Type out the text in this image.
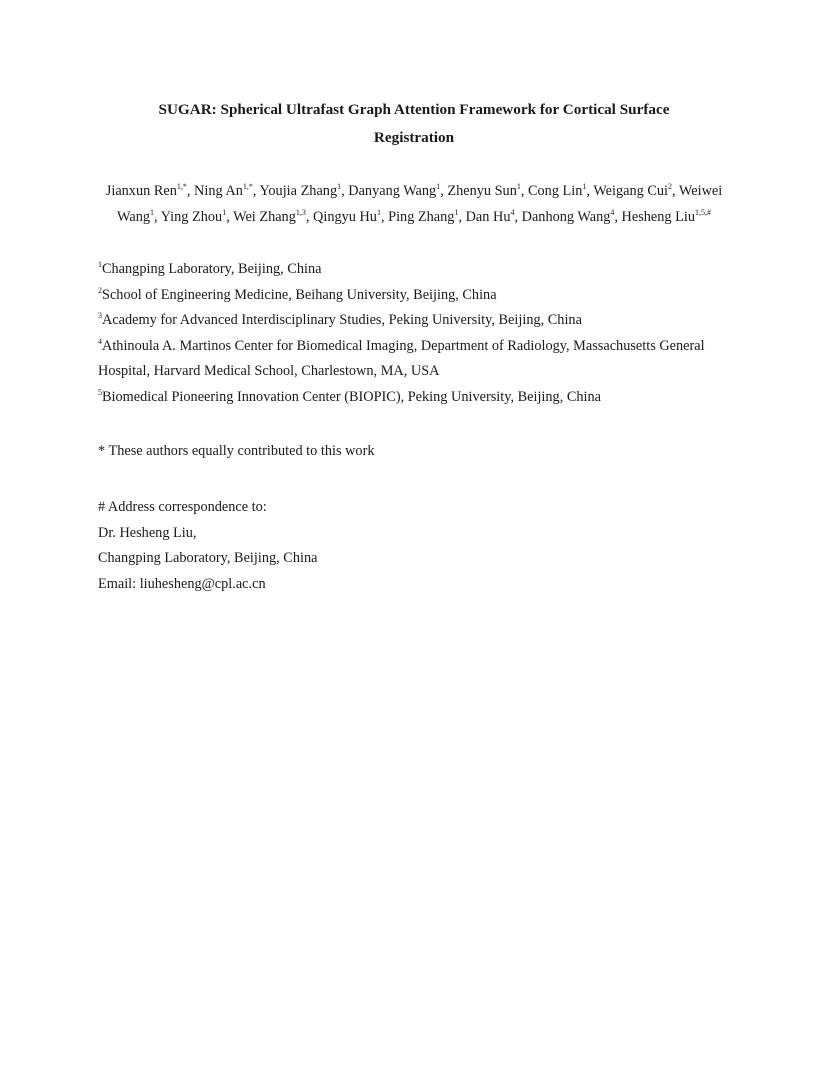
SUGAR: Spherical Ultrafast Graph Attention Framework for Cortical Surface
Registration

Jianxun Ren$^{1,*}$, Ning $An^{1,*}$, Youjia Zhang$^1$, Danyang Wang$^1$, Zhenyu Sun$^1$, Cong Lin$^1$, Weigang Cui$^2$, Weiwei Wang$^1$, Ying Zhou$^1$, Wei Zhang$^{1,3}$, Qingyu Hu$^1$, Ping Zhang$^1$, Dan Hu$^4$, Danhong Wang$^4$, Hesheng Liu$^{1,5,\#}$

$^1$Changping Laboratory, Beijing, China
$^2$School of Engineering Medicine, Beihang University, Beijing, China
$^3$Academy for Advanced Interdisciplinary Studies, Peking University, Beijing, China
$^4$Athinoula A. Martinos Center for Biomedical Imaging, Department of Radiology, Massachusetts General Hospital, Harvard Medical School, Charlestown, MA, USA
$^5$Biomedical Pioneering Innovation Center (BIOPIC), Peking University, Beijing, China

* These authors equally contributed to this work

# Address correspondence to:
Dr. Hesheng Liu,
Changping Laboratory, Beijing, China
Email: liuhesheng@cpl.ac.cn
